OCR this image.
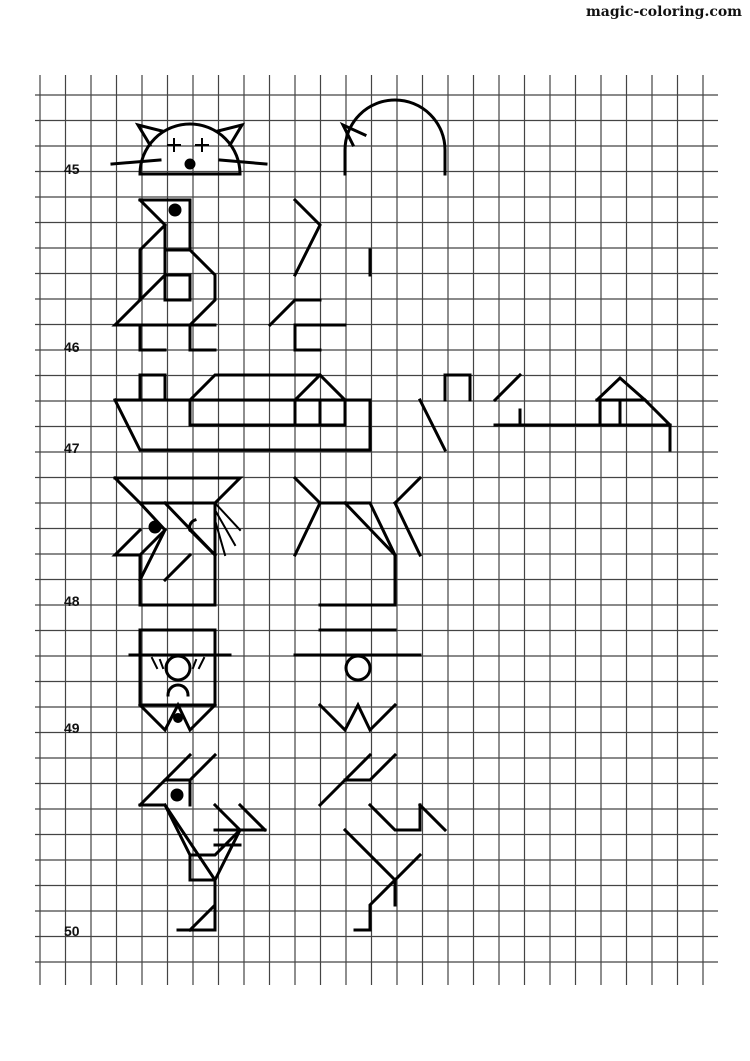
magic-coloring.com
45
46
47
48
49
50
